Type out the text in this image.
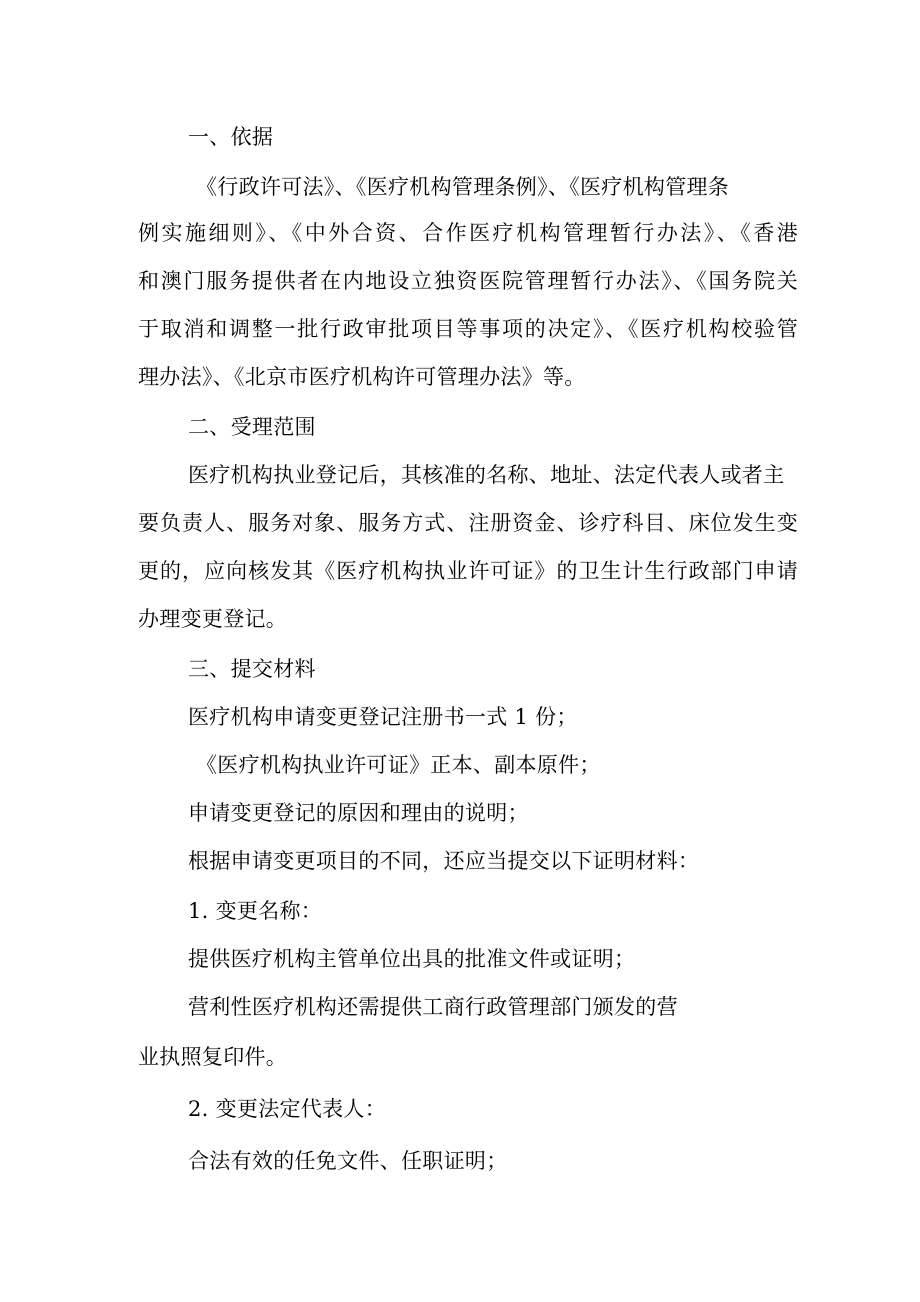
一、依据
《行政许可法》、《医疗机构管理条例》、《医疗机构管理条
例实施细则》、《中外合资、合作医疗机构管理暂行办法》、《香港
和澳门服务提供者在内地设立独资医院管理暂行办法》、《国务院关
于取消和调整一批行政审批项目等事项的决定》、《医疗机构校验管
理办法》、《北京市医疗机构许可管理办法》等。
二、受理范围
医疗机构执业登记后，其核准的名称、地址、法定代表人或者主
要负责人、服务对象、服务方式、注册资金、诊疗科目、床位发生变
更的，应向核发其《医疗机构执业许可证》的卫生计生行政部门申请
办理变更登记。
三、提交材料
医疗机构申请变更登记注册书一式 1 份；
《医疗机构执业许可证》正本、副本原件；
申请变更登记的原因和理由的说明；
根据申请变更项目的不同，还应当提交以下证明材料：
1. 变更名称：
提供医疗机构主管单位出具的批准文件或证明；
营利性医疗机构还需提供工商行政管理部门颁发的营
业执照复印件。
2. 变更法定代表人：
合法有效的任免文件、任职证明；
